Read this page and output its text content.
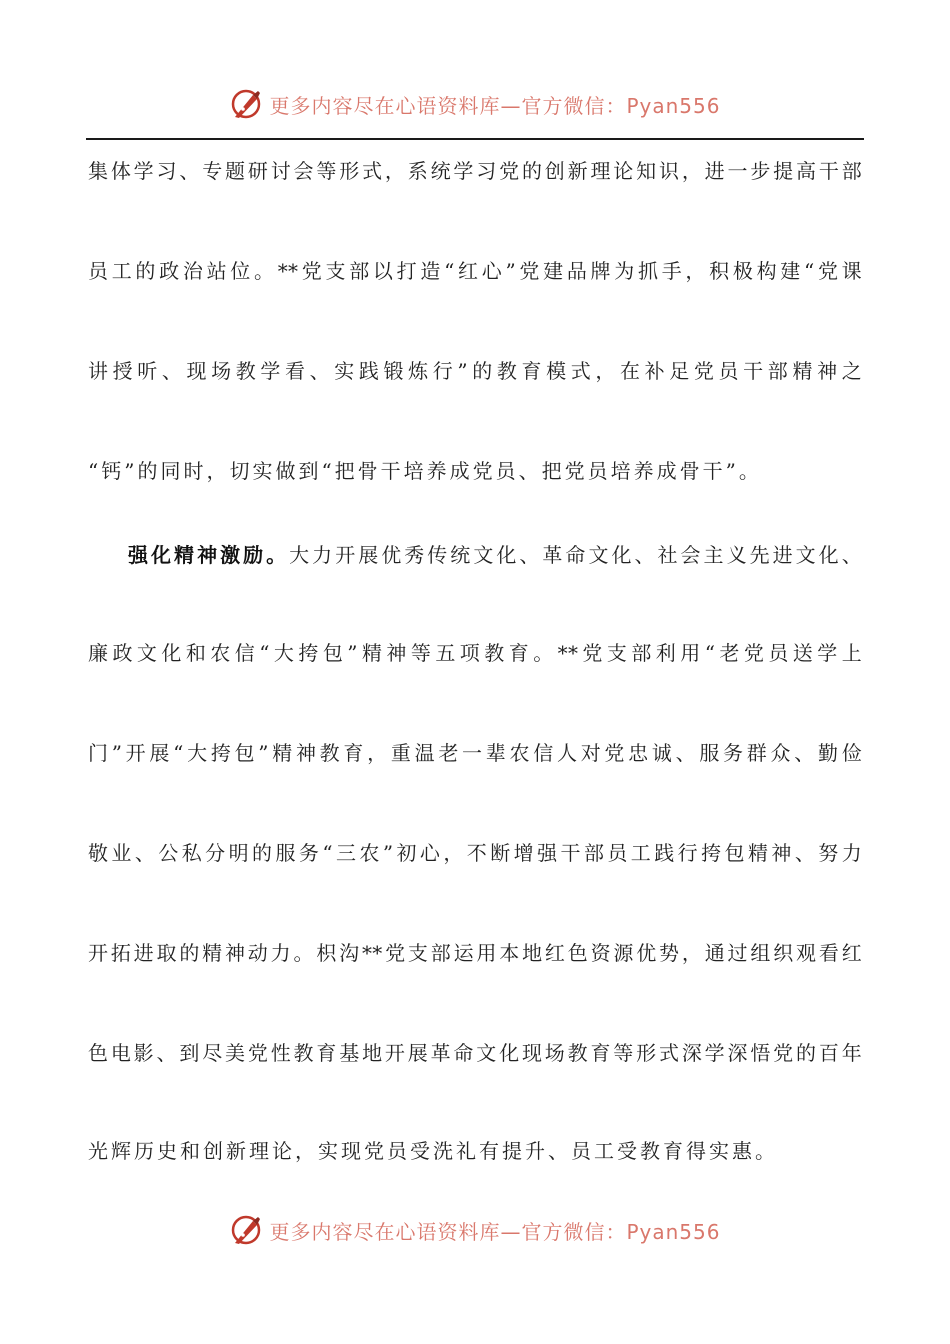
更多内容尽在心语资料库—官方微信：Pyan556
集体学习、专题研讨会等形式，系统学习党的创新理论知识，进一步提高干部
员工的政治站位。**党支部以打造“红心”党建品牌为抓手，积极构建“党课
讲授听、现场教学看、实践锻炼行”的教育模式，在补足党员干部精神之
“钙”的同时，切实做到“把骨干培养成党员、把党员培养成骨干”。
强化精神激励。大力开展优秀传统文化、革命文化、社会主义先进文化、
廉政文化和农信“大挎包”精神等五项教育。**党支部利用“老党员送学上
门”开展“大挎包”精神教育，重温老一辈农信人对党忠诚、服务群众、勤俭
敬业、公私分明的服务“三农”初心，不断增强干部员工践行挎包精神、努力
开拓进取的精神动力。枳沟**党支部运用本地红色资源优势，通过组织观看红
色电影、到尽美党性教育基地开展革命文化现场教育等形式深学深悟党的百年
光辉历史和创新理论，实现党员受洗礼有提升、员工受教育得实惠。
更多内容尽在心语资料库—官方微信：Pyan556
